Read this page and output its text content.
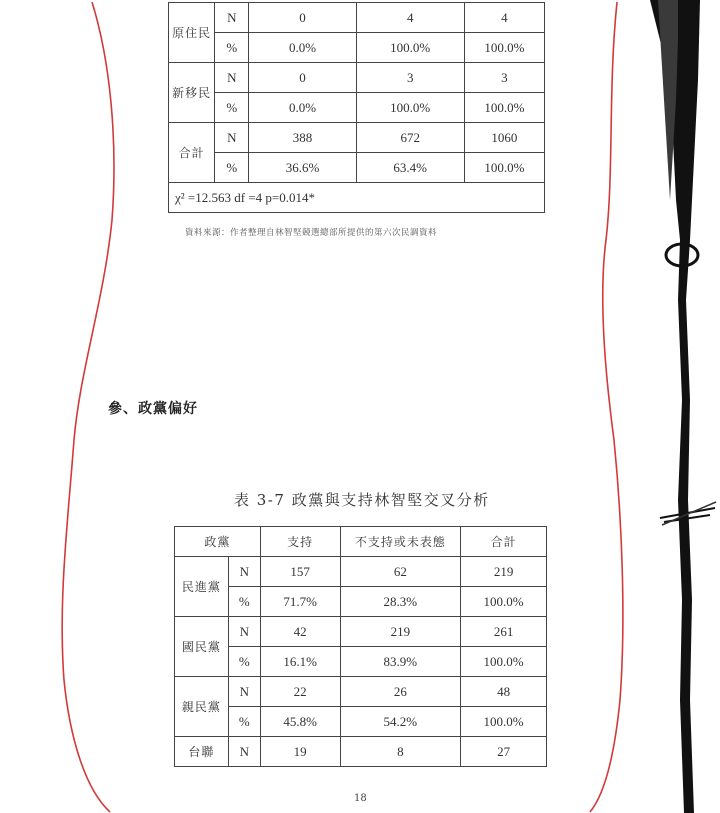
原住民	N	0	4	4
	%	0.0%	100.0%	100.0%
新移民	N	0	3	3
	%	0.0%	100.0%	100.0%
合計	N	388	672	1060
	%	36.6%	63.4%	100.0%
χ² =12.563 df =4 p=0.014*				
資料來源：作者整理自林智堅競選總部所提供的第六次民調資料
參、政黨偏好
表 3-7 政黨與支持林智堅交叉分析
政黨		支持	不支持或未表態	合計
民進黨	N	157	62	219
	%	71.7%	28.3%	100.0%
國民黨	N	42	219	261
	%	16.1%	83.9%	100.0%
親民黨	N	22	26	48
	%	45.8%	54.2%	100.0%
台聯	N	19	8	27
18
